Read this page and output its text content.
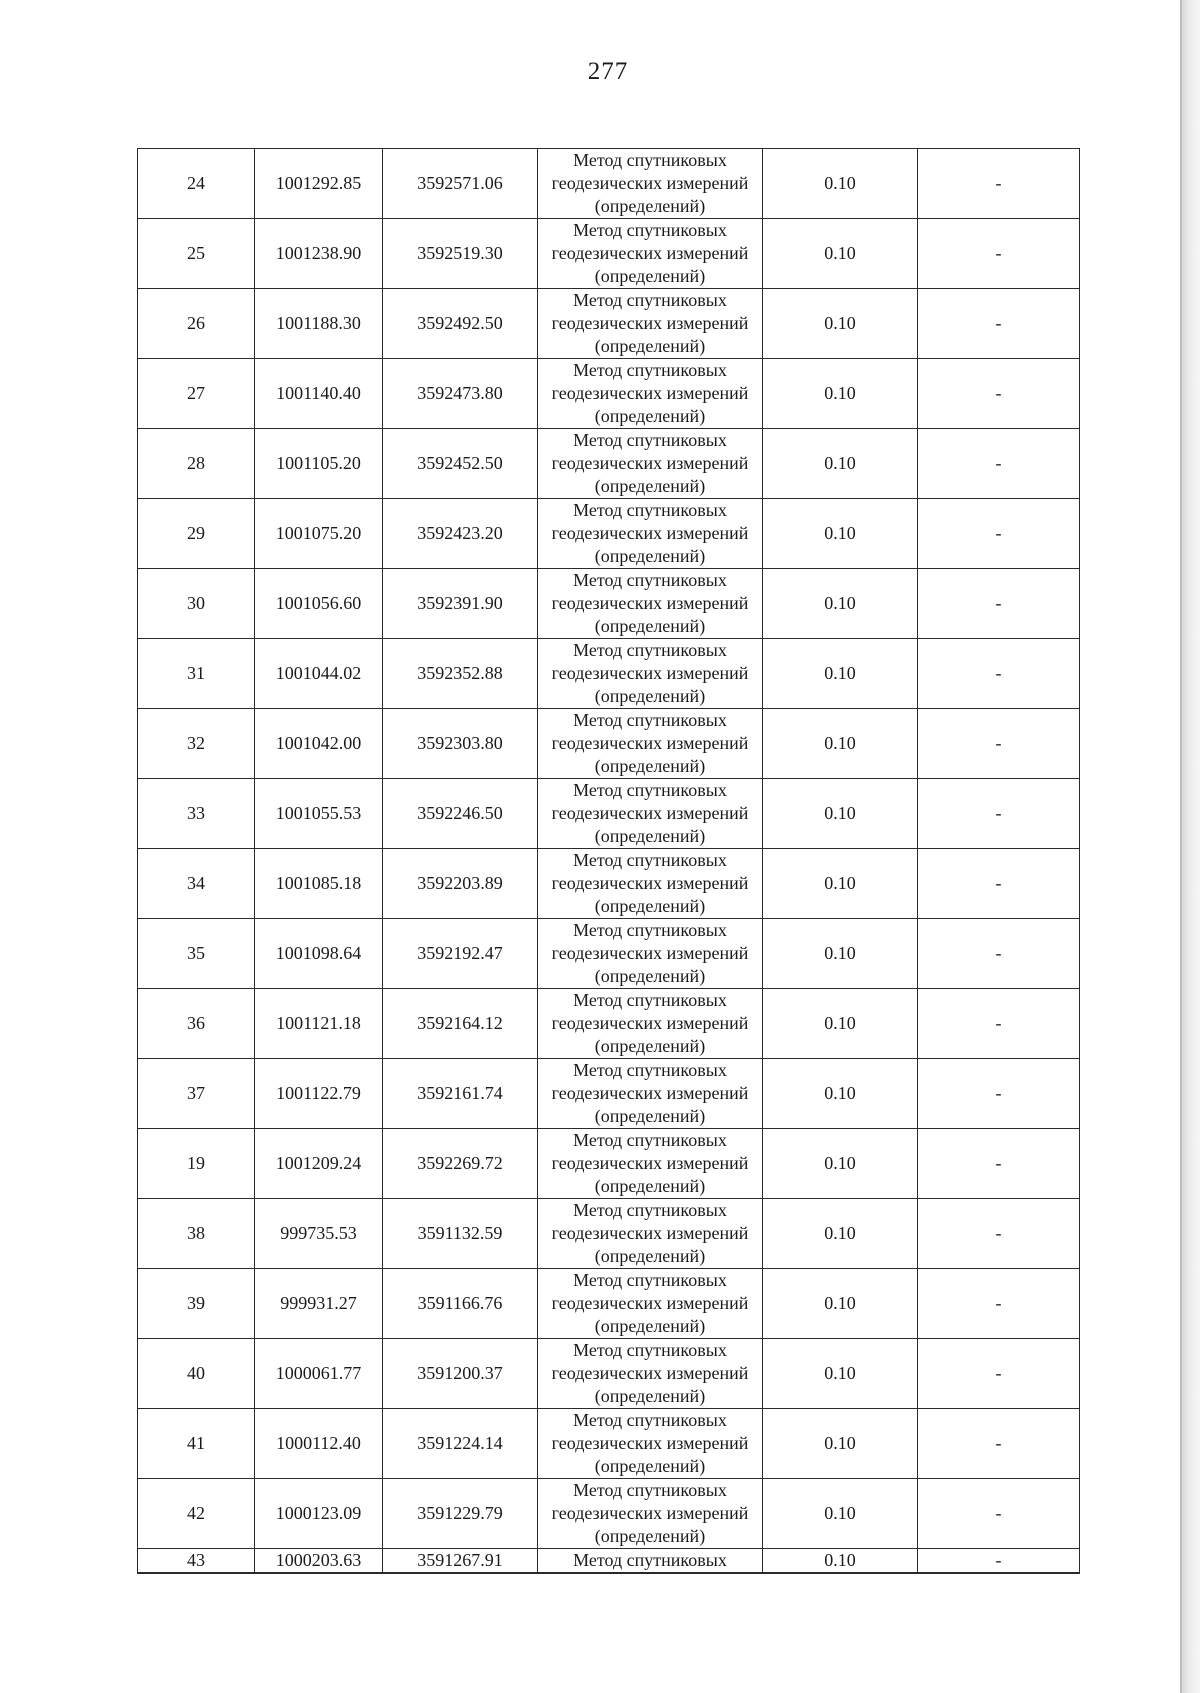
277
24	1001292.85	3592571.06	Метод спутниковых
геодезических измерений
(определений)	0.10	-
25	1001238.90	3592519.30	Метод спутниковых
геодезических измерений
(определений)	0.10	-
26	1001188.30	3592492.50	Метод спутниковых
геодезических измерений
(определений)	0.10	-
27	1001140.40	3592473.80	Метод спутниковых
геодезических измерений
(определений)	0.10	-
28	1001105.20	3592452.50	Метод спутниковых
геодезических измерений
(определений)	0.10	-
29	1001075.20	3592423.20	Метод спутниковых
геодезических измерений
(определений)	0.10	-
30	1001056.60	3592391.90	Метод спутниковых
геодезических измерений
(определений)	0.10	-
31	1001044.02	3592352.88	Метод спутниковых
геодезических измерений
(определений)	0.10	-
32	1001042.00	3592303.80	Метод спутниковых
геодезических измерений
(определений)	0.10	-
33	1001055.53	3592246.50	Метод спутниковых
геодезических измерений
(определений)	0.10	-
34	1001085.18	3592203.89	Метод спутниковых
геодезических измерений
(определений)	0.10	-
35	1001098.64	3592192.47	Метод спутниковых
геодезических измерений
(определений)	0.10	-
36	1001121.18	3592164.12	Метод спутниковых
геодезических измерений
(определений)	0.10	-
37	1001122.79	3592161.74	Метод спутниковых
геодезических измерений
(определений)	0.10	-
19	1001209.24	3592269.72	Метод спутниковых
геодезических измерений
(определений)	0.10	-
38	999735.53	3591132.59	Метод спутниковых
геодезических измерений
(определений)	0.10	-
39	999931.27	3591166.76	Метод спутниковых
геодезических измерений
(определений)	0.10	-
40	1000061.77	3591200.37	Метод спутниковых
геодезических измерений
(определений)	0.10	-
41	1000112.40	3591224.14	Метод спутниковых
геодезических измерений
(определений)	0.10	-
42	1000123.09	3591229.79	Метод спутниковых
геодезических измерений
(определений)	0.10	-
43	1000203.63	3591267.91	Метод спутниковых	0.10	-
